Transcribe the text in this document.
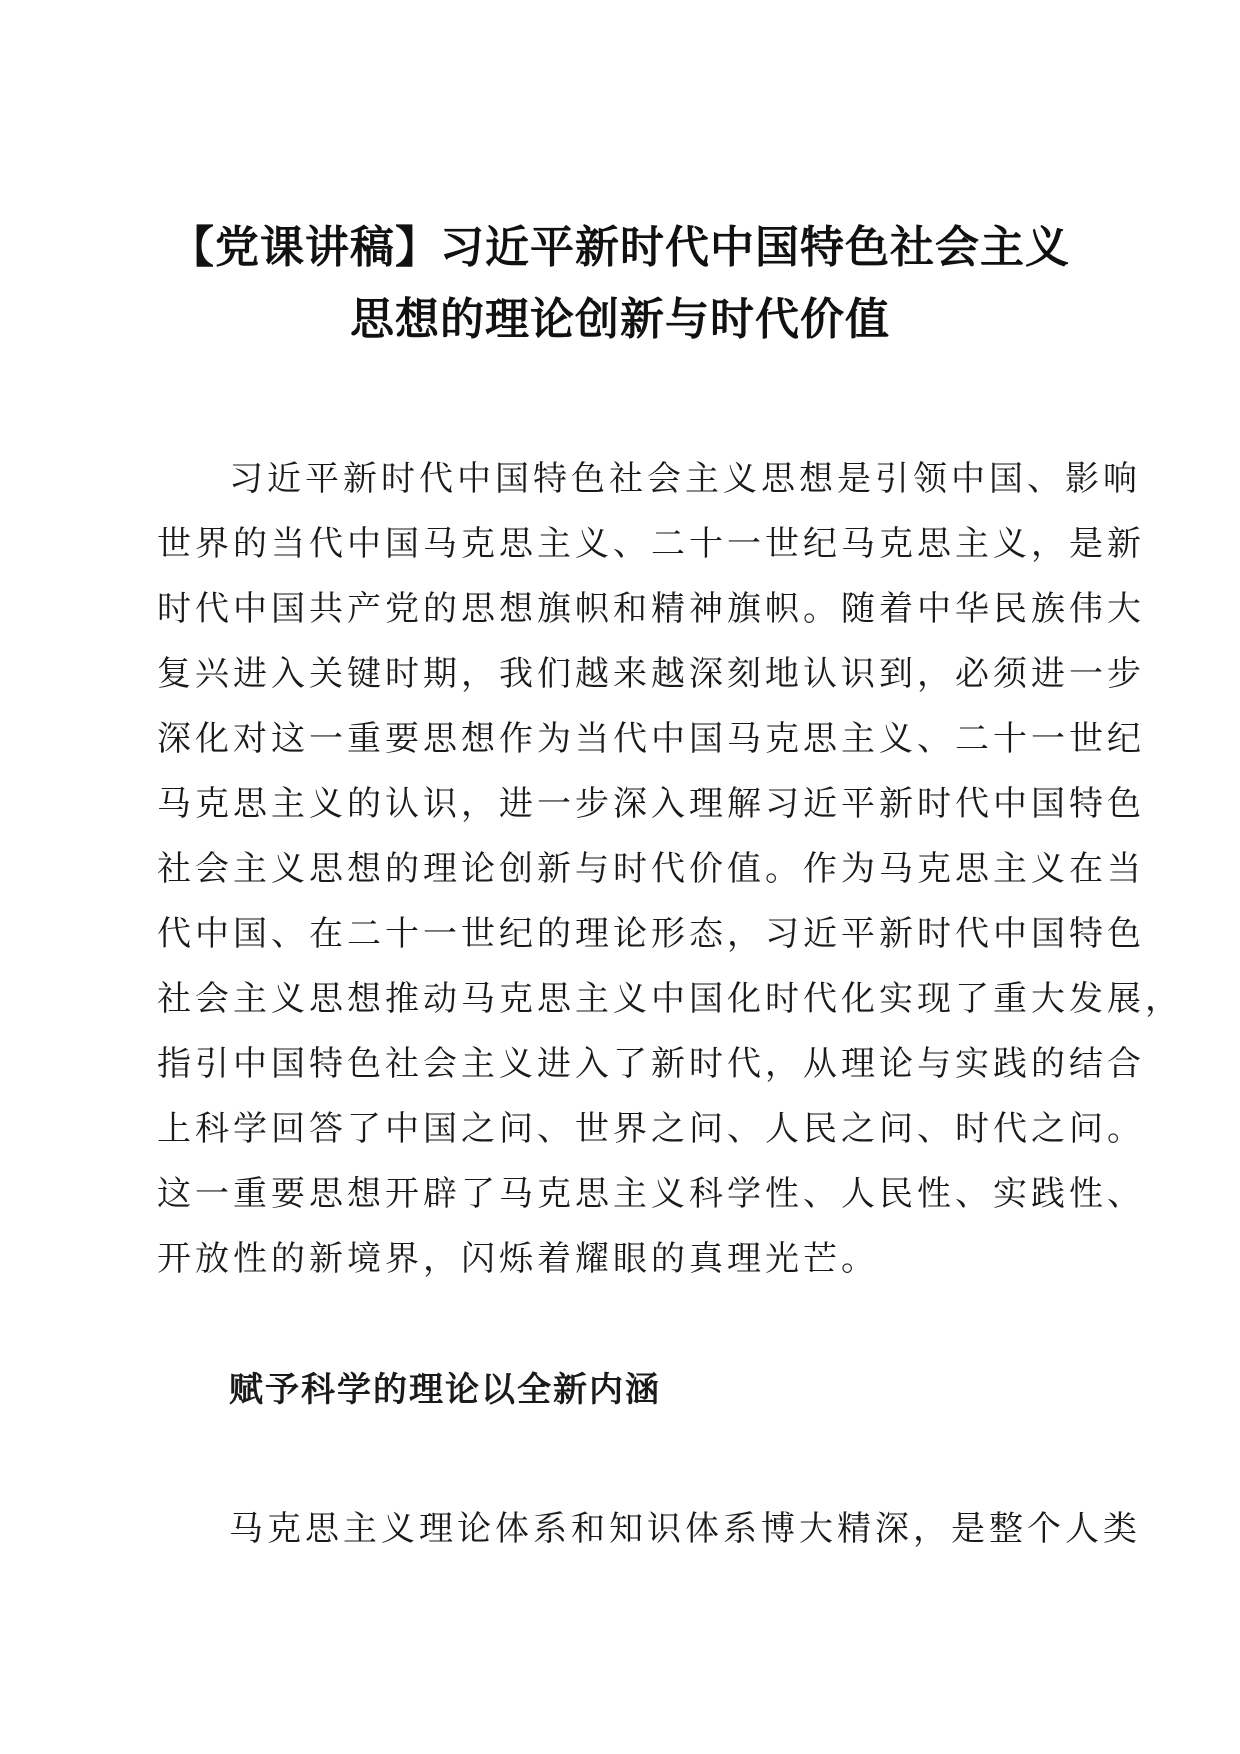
【党课讲稿】习近平新时代中国特色社会主义
思想的理论创新与时代价值

习近平新时代中国特色社会主义思想是引领中国、影响
世界的当代中国马克思主义、二十一世纪马克思主义，是新
时代中国共产党的思想旗帜和精神旗帜。随着中华民族伟大
复兴进入关键时期，我们越来越深刻地认识到，必须进一步
深化对这一重要思想作为当代中国马克思主义、二十一世纪
马克思主义的认识，进一步深入理解习近平新时代中国特色
社会主义思想的理论创新与时代价值。作为马克思主义在当
代中国、在二十一世纪的理论形态，习近平新时代中国特色
社会主义思想推动马克思主义中国化时代化实现了重大发展，
指引中国特色社会主义进入了新时代，从理论与实践的结合
上科学回答了中国之问、世界之问、人民之问、时代之问。
这一重要思想开辟了马克思主义科学性、人民性、实践性、
开放性的新境界，闪烁着耀眼的真理光芒。

赋予科学的理论以全新内涵

马克思主义理论体系和知识体系博大精深，是整个人类
